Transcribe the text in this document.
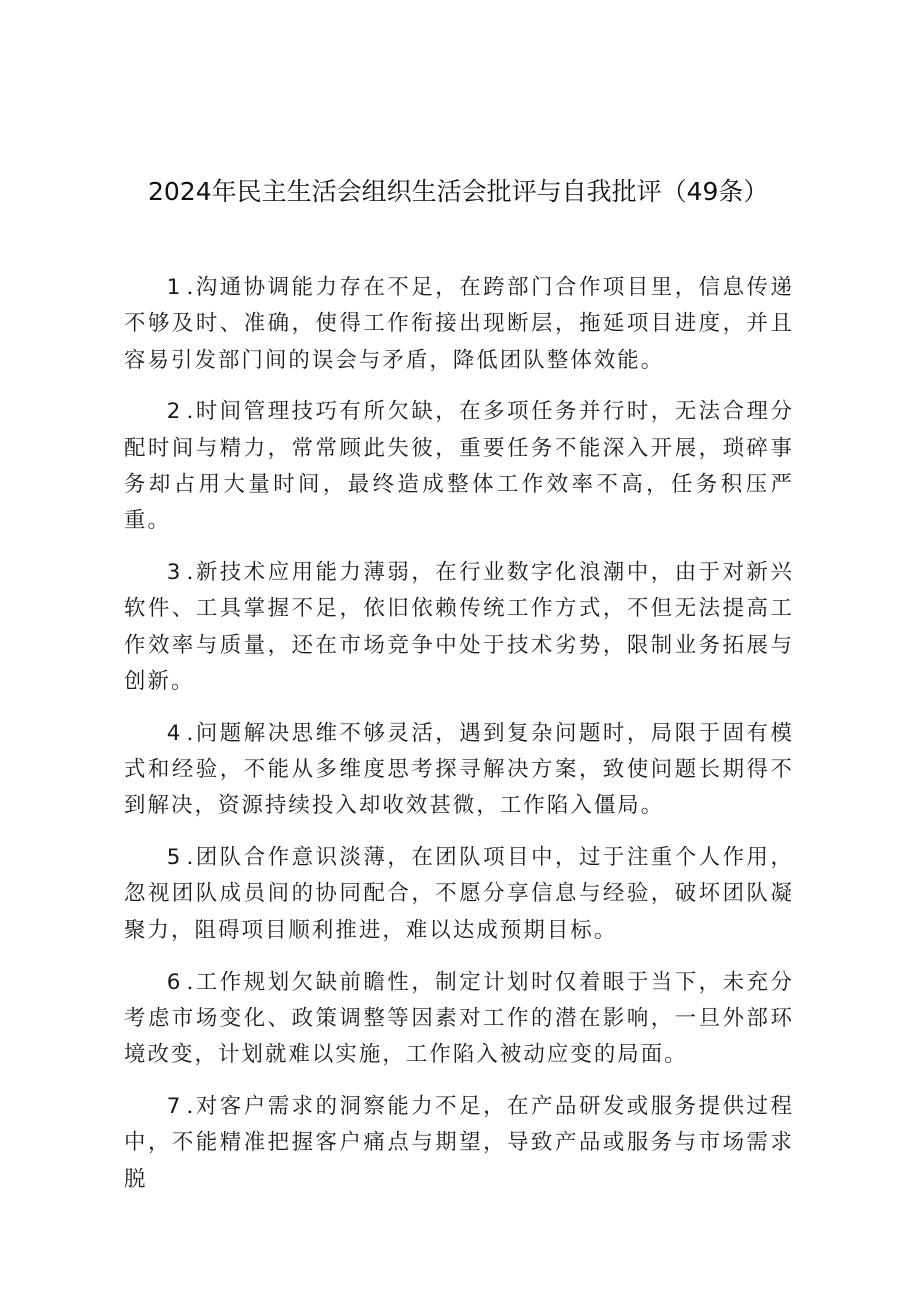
2024年民主生活会组织生活会批评与自我批评（49条）

1 .沟通协调能力存在不足，在跨部门合作项目里，信息传递不够及时、准确，使得工作衔接出现断层，拖延项目进度，并且容易引发部门间的误会与矛盾，降低团队整体效能。

2 .时间管理技巧有所欠缺，在多项任务并行时，无法合理分配时间与精力，常常顾此失彼，重要任务不能深入开展，琐碎事务却占用大量时间，最终造成整体工作效率不高，任务积压严重。

3 .新技术应用能力薄弱，在行业数字化浪潮中，由于对新兴软件、工具掌握不足，依旧依赖传统工作方式，不但无法提高工作效率与质量，还在市场竞争中处于技术劣势，限制业务拓展与创新。

4 .问题解决思维不够灵活，遇到复杂问题时，局限于固有模式和经验，不能从多维度思考探寻解决方案，致使问题长期得不到解决，资源持续投入却收效甚微，工作陷入僵局。

5 .团队合作意识淡薄，在团队项目中，过于注重个人作用，忽视团队成员间的协同配合，不愿分享信息与经验，破坏团队凝聚力，阻碍项目顺利推进，难以达成预期目标。

6 .工作规划欠缺前瞻性，制定计划时仅着眼于当下，未充分考虑市场变化、政策调整等因素对工作的潜在影响，一旦外部环境改变，计划就难以实施，工作陷入被动应变的局面。

7 .对客户需求的洞察能力不足，在产品研发或服务提供过程中，不能精准把握客户痛点与期望，导致产品或服务与市场需求脱
